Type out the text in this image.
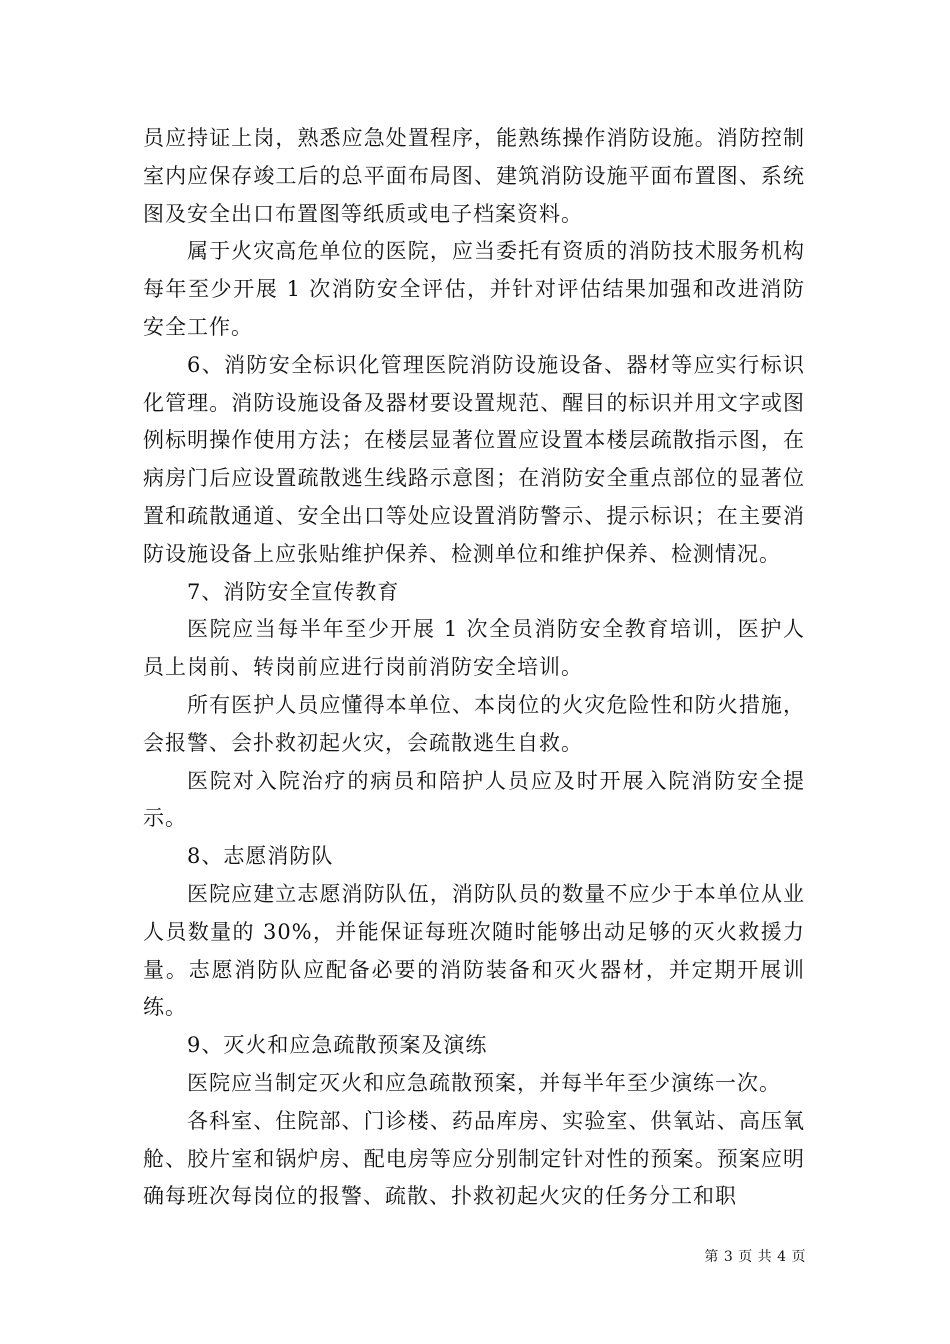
员应持证上岗，熟悉应急处置程序，能熟练操作消防设施。消防控制室内应保存竣工后的总平面布局图、建筑消防设施平面布置图、系统图及安全出口布置图等纸质或电子档案资料。

属于火灾高危单位的医院，应当委托有资质的消防技术服务机构每年至少开展 1 次消防安全评估，并针对评估结果加强和改进消防安全工作。

6、消防安全标识化管理医院消防设施设备、器材等应实行标识化管理。消防设施设备及器材要设置规范、醒目的标识并用文字或图例标明操作使用方法；在楼层显著位置应设置本楼层疏散指示图，在病房门后应设置疏散逃生线路示意图；在消防安全重点部位的显著位置和疏散通道、安全出口等处应设置消防警示、提示标识；在主要消防设施设备上应张贴维护保养、检测单位和维护保养、检测情况。

7、消防安全宣传教育

医院应当每半年至少开展 1 次全员消防安全教育培训，医护人员上岗前、转岗前应进行岗前消防安全培训。

所有医护人员应懂得本单位、本岗位的火灾危险性和防火措施，会报警、会扑救初起火灾，会疏散逃生自救。

医院对入院治疗的病员和陪护人员应及时开展入院消防安全提示。

8、志愿消防队

医院应建立志愿消防队伍，消防队员的数量不应少于本单位从业人员数量的 30%，并能保证每班次随时能够出动足够的灭火救援力量。志愿消防队应配备必要的消防装备和灭火器材，并定期开展训练。

9、灭火和应急疏散预案及演练

医院应当制定灭火和应急疏散预案，并每半年至少演练一次。

各科室、住院部、门诊楼、药品库房、实验室、供氧站、高压氧舱、胶片室和锅炉房、配电房等应分别制定针对性的预案。预案应明确每班次每岗位的报警、疏散、扑救初起火灾的任务分工和职

第 3 页 共 4 页
